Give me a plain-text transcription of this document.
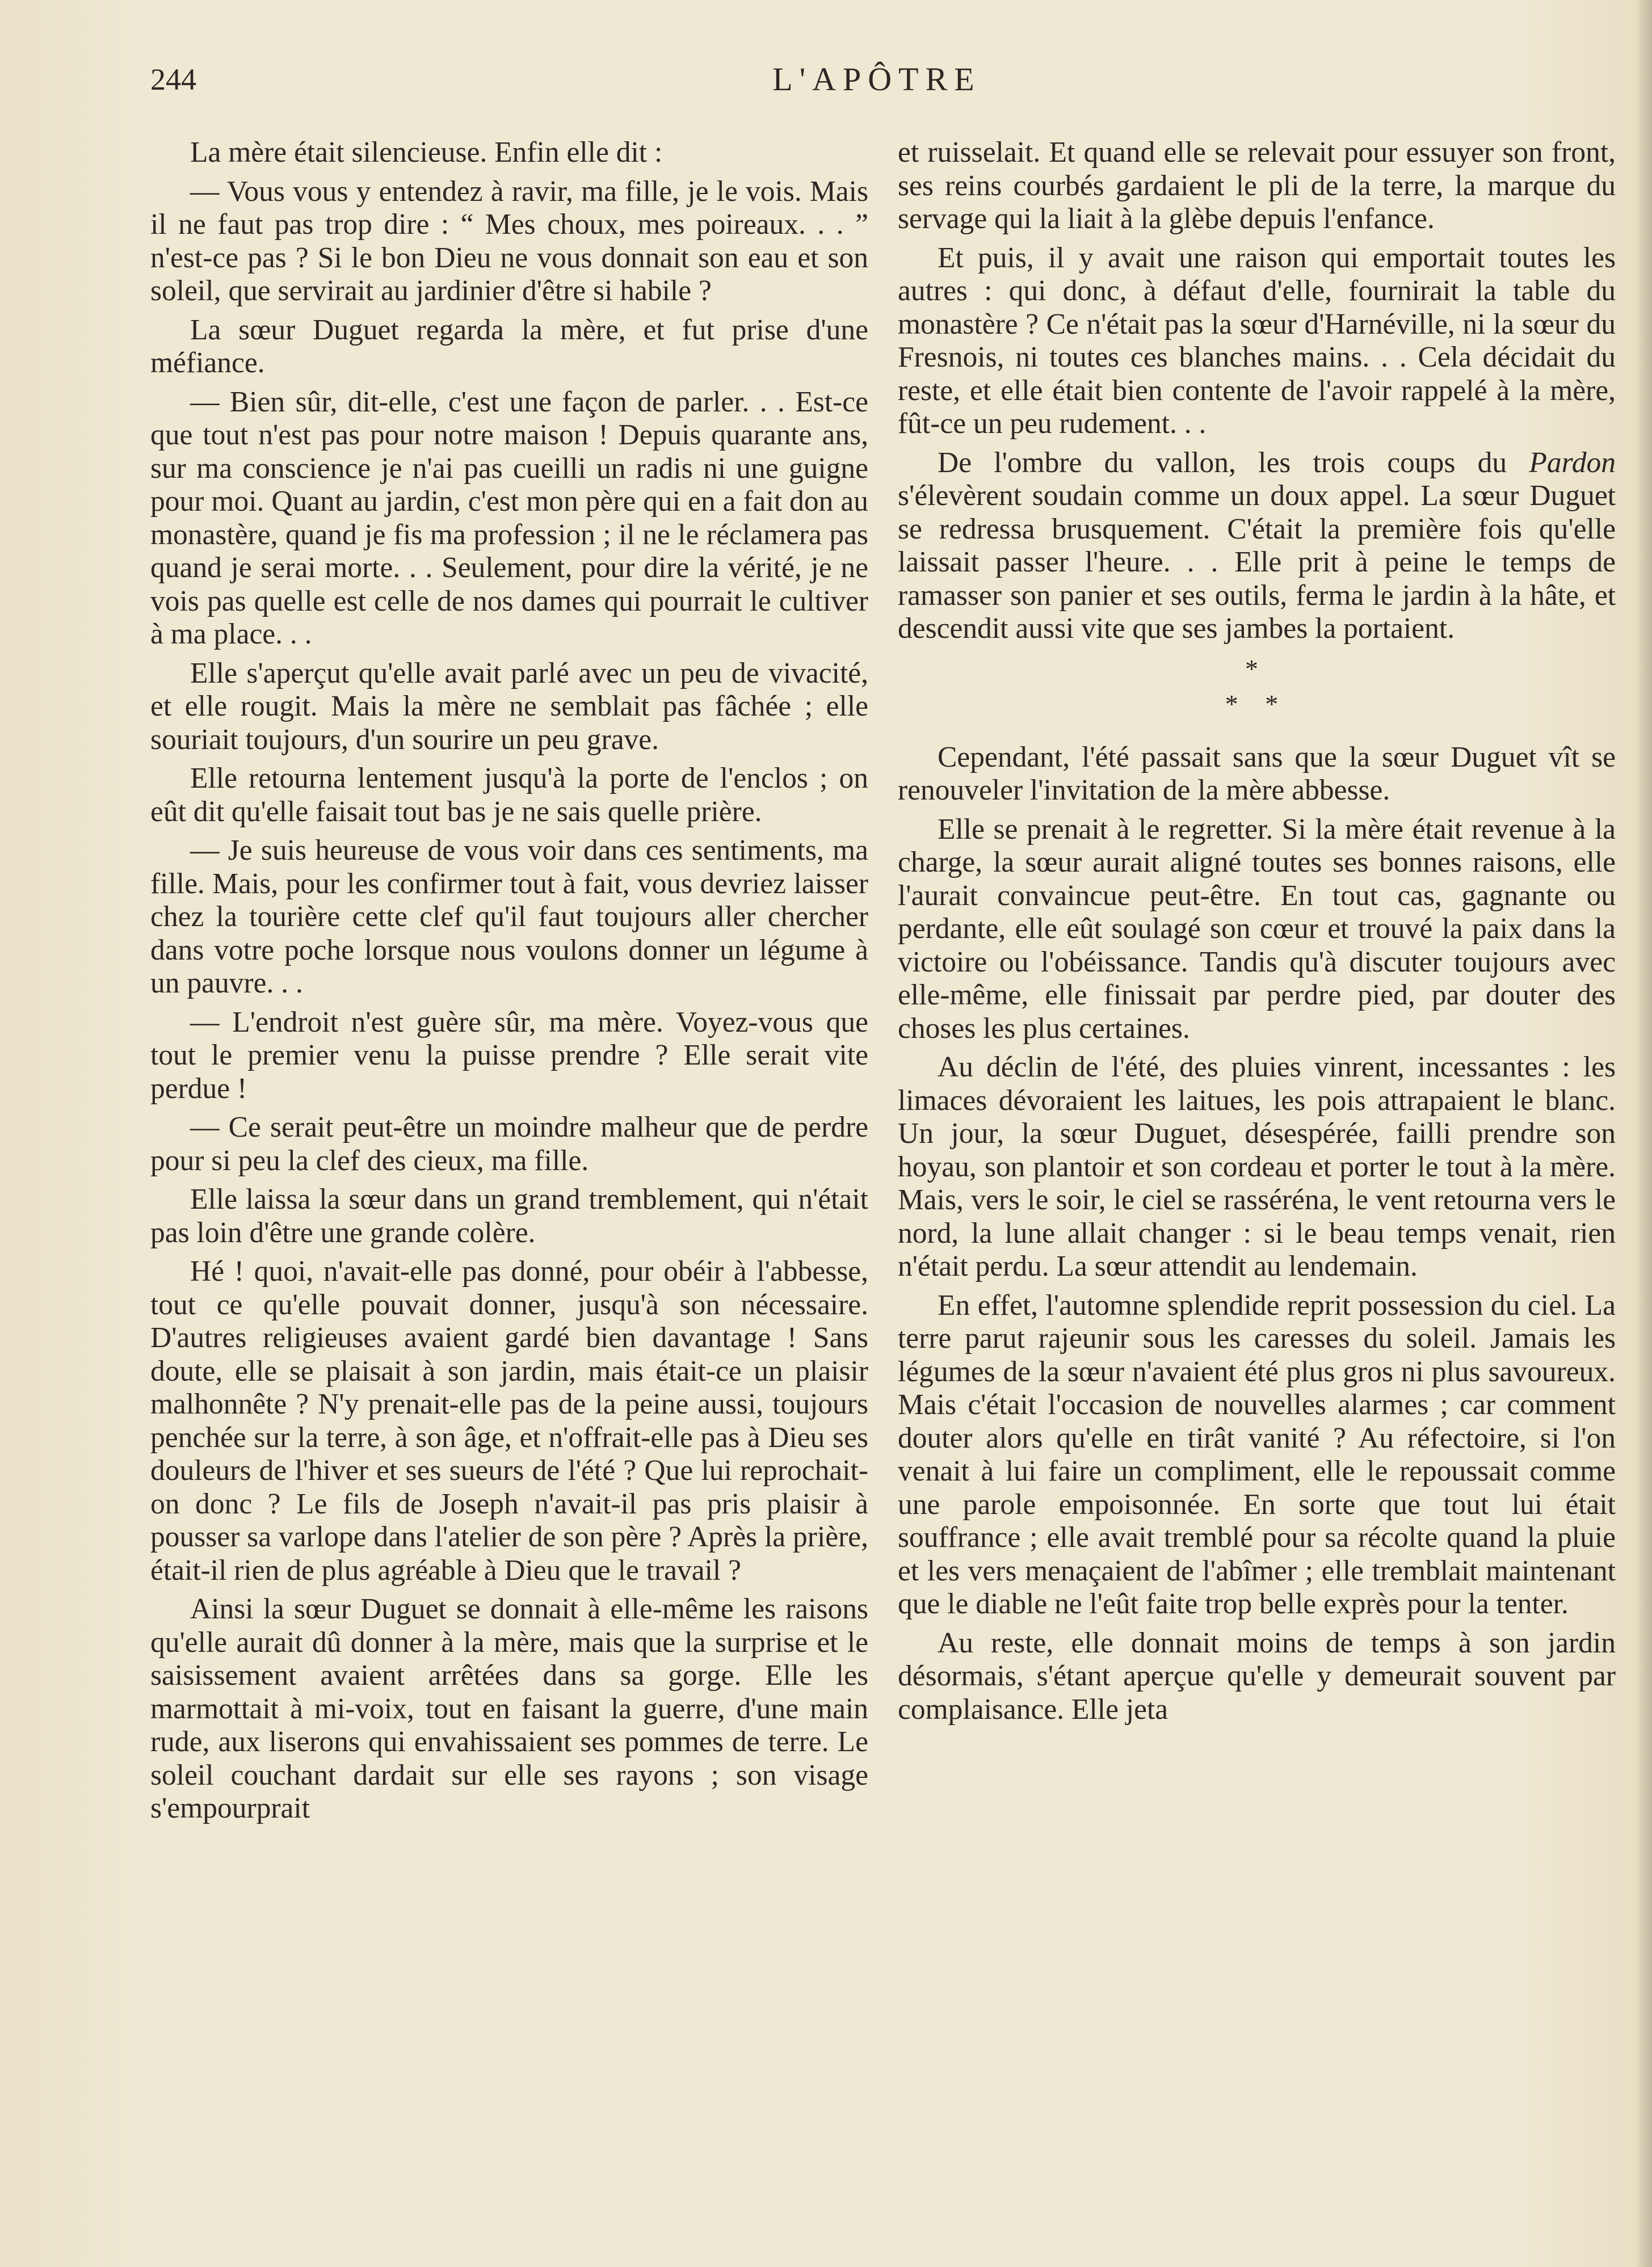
244	L'APÔTRE

La mère était silencieuse. Enfin elle dit :

— Vous vous y entendez à ravir, ma fille, je le vois. Mais il ne faut pas trop dire : “ Mes choux, mes poireaux. . . ” n'est-ce pas ? Si le bon Dieu ne vous donnait son eau et son soleil, que servirait au jardinier d'être si habile ?

La sœur Duguet regarda la mère, et fut prise d'une méfiance.

— Bien sûr, dit-elle, c'est une façon de parler. . . Est-ce que tout n'est pas pour notre maison ! Depuis quarante ans, sur ma conscience je n'ai pas cueilli un radis ni une guigne pour moi. Quant au jardin, c'est mon père qui en a fait don au monastère, quand je fis ma profession ; il ne le réclamera pas quand je serai morte. . . Seulement, pour dire la vérité, je ne vois pas quelle est celle de nos dames qui pourrait le cultiver à ma place. . .

Elle s'aperçut qu'elle avait parlé avec un peu de vivacité, et elle rougit. Mais la mère ne semblait pas fâchée ; elle souriait toujours, d'un sourire un peu grave.

Elle retourna lentement jusqu'à la porte de l'enclos ; on eût dit qu'elle faisait tout bas je ne sais quelle prière.

— Je suis heureuse de vous voir dans ces sentiments, ma fille. Mais, pour les confirmer tout à fait, vous devriez laisser chez la tourière cette clef qu'il faut toujours aller chercher dans votre poche lorsque nous voulons donner un légume à un pauvre. . .

— L'endroit n'est guère sûr, ma mère. Voyez-vous que tout le premier venu la puisse prendre ? Elle serait vite perdue !

— Ce serait peut-être un moindre malheur que de perdre pour si peu la clef des cieux, ma fille.

Elle laissa la sœur dans un grand tremblement, qui n'était pas loin d'être une grande colère.

Hé ! quoi, n'avait-elle pas donné, pour obéir à l'abbesse, tout ce qu'elle pouvait donner, jusqu'à son nécessaire. D'autres religieuses avaient gardé bien davantage ! Sans doute, elle se plaisait à son jardin, mais était-ce un plaisir malhonnête ? N'y prenait-elle pas de la peine aussi, toujours penchée sur la terre, à son âge, et n'offrait-elle pas à Dieu ses douleurs de l'hiver et ses sueurs de l'été ? Que lui reprochait-on donc ? Le fils de Joseph n'avait-il pas pris plaisir à pousser sa varlope dans l'atelier de son père ? Après la prière, était-il rien de plus agréable à Dieu que le travail ?

Ainsi la sœur Duguet se donnait à elle-même les raisons qu'elle aurait dû donner à la mère, mais que la surprise et le saisissement avaient arrêtées dans sa gorge. Elle les marmottait à mi-voix, tout en faisant la guerre, d'une main rude, aux liserons qui envahissaient ses pommes de terre. Le soleil couchant dardait sur elle ses rayons ; son visage s'empourprait

et ruisselait. Et quand elle se relevait pour essuyer son front, ses reins courbés gardaient le pli de la terre, la marque du servage qui la liait à la glèbe depuis l'enfance.

Et puis, il y avait une raison qui emportait toutes les autres : qui donc, à défaut d'elle, fournirait la table du monastère ? Ce n'était pas la sœur d'Harnéville, ni la sœur du Fresnois, ni toutes ces blanches mains. . . Cela décidait du reste, et elle était bien contente de l'avoir rappelé à la mère, fût-ce un peu rudement. . .

De l'ombre du vallon, les trois coups du Pardon s'élevèrent soudain comme un doux appel. La sœur Duguet se redressa brusquement. C'était la première fois qu'elle laissait passer l'heure. . . Elle prit à peine le temps de ramasser son panier et ses outils, ferma le jardin à la hâte, et descendit aussi vite que ses jambes la portaient.

*
* *

Cependant, l'été passait sans que la sœur Duguet vît se renouveler l'invitation de la mère abbesse.

Elle se prenait à le regretter. Si la mère était revenue à la charge, la sœur aurait aligné toutes ses bonnes raisons, elle l'aurait convaincue peut-être. En tout cas, gagnante ou perdante, elle eût soulagé son cœur et trouvé la paix dans la victoire ou l'obéissance. Tandis qu'à discuter toujours avec elle-même, elle finissait par perdre pied, par douter des choses les plus certaines.

Au déclin de l'été, des pluies vinrent, incessantes : les limaces dévoraient les laitues, les pois attrapaient le blanc. Un jour, la sœur Duguet, désespérée, failli prendre son hoyau, son plantoir et son cordeau et porter le tout à la mère. Mais, vers le soir, le ciel se rasséréna, le vent retourna vers le nord, la lune allait changer : si le beau temps venait, rien n'était perdu. La sœur attendit au lendemain.

En effet, l'automne splendide reprit possession du ciel. La terre parut rajeunir sous les caresses du soleil. Jamais les légumes de la sœur n'avaient été plus gros ni plus savoureux. Mais c'était l'occasion de nouvelles alarmes ; car comment douter alors qu'elle en tirât vanité ? Au réfectoire, si l'on venait à lui faire un compliment, elle le repoussait comme une parole empoisonnée. En sorte que tout lui était souffrance ; elle avait tremblé pour sa récolte quand la pluie et les vers menaçaient de l'abîmer ; elle tremblait maintenant que le diable ne l'eût faite trop belle exprès pour la tenter.

Au reste, elle donnait moins de temps à son jardin désormais, s'étant aperçue qu'elle y demeurait souvent par complaisance. Elle jeta
